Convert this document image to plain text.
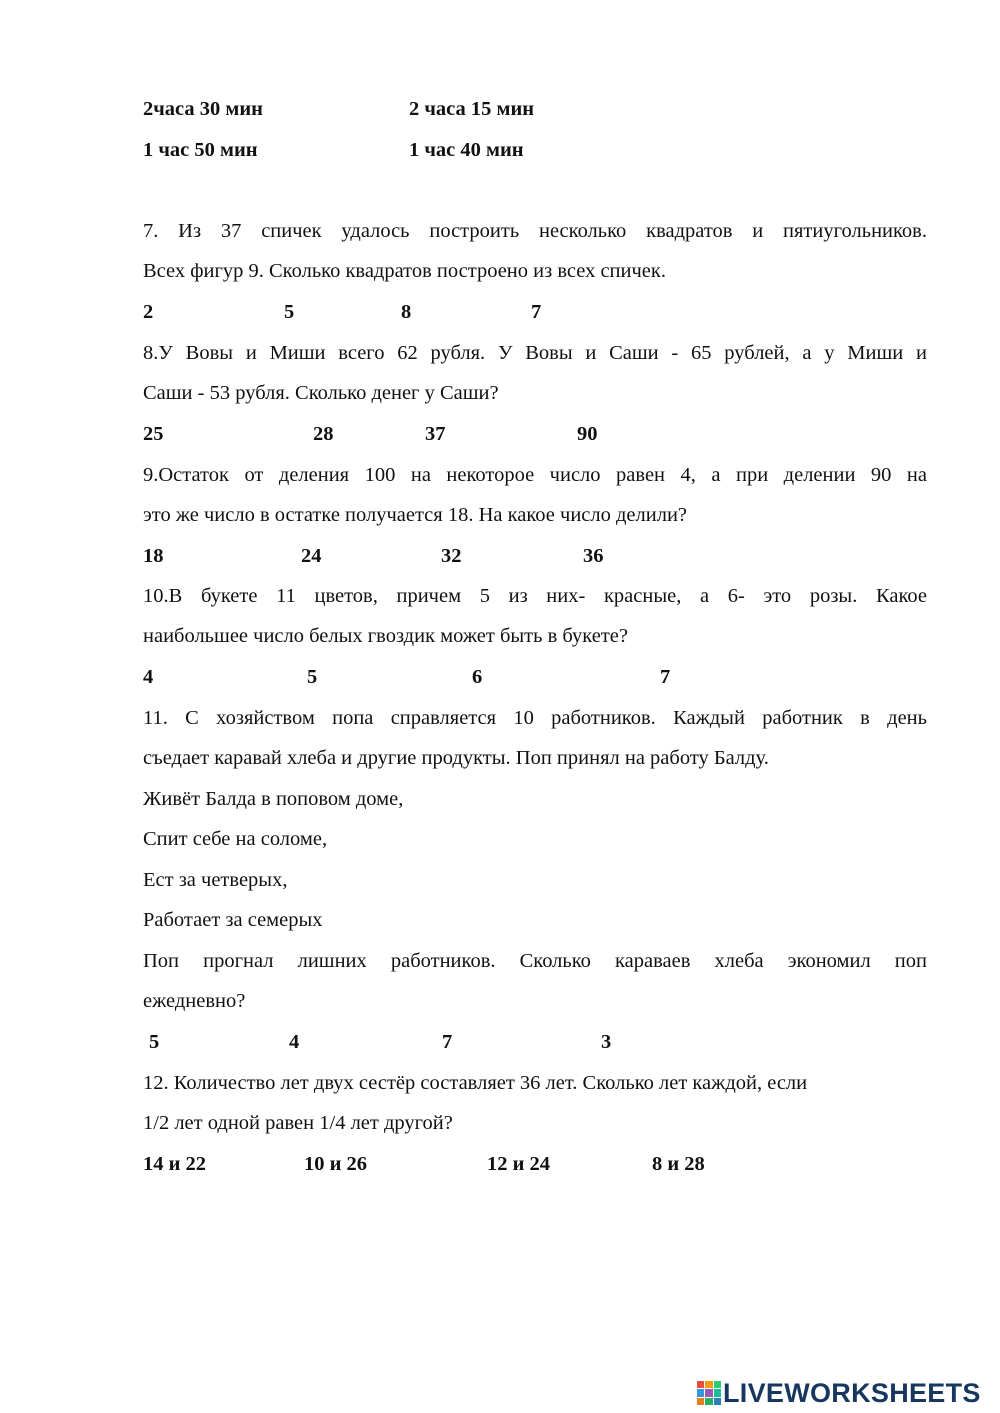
2часа 30 мин	2 часа 15 мин
1 час 50 мин	1 час 40 мин
7. Из 37 спичек удалось построить несколько квадратов и пятиугольников.
Всех фигур 9. Сколько квадратов построено из всех спичек.
2	5	8	7
8.У Вовы и Миши всего 62 рубля. У Вовы и Саши - 65 рублей, а у Миши и
Саши - 53 рубля. Сколько денег у Саши?
25	28	37	90
9.Остаток от деления 100 на некоторое число равен 4, а при делении 90 на
это же число в остатке получается 18. На какое число делили?
18	24	32	36
10.В букете 11 цветов, причем 5 из них- красные, а 6- это розы. Какое
наибольшее число белых гвоздик может быть в букете?
4	5	6	7
11. С хозяйством попа справляется 10 работников. Каждый работник в день
съедает каравай хлеба и другие продукты. Поп принял на работу Балду.
Живёт Балда в поповом доме,
Спит себе на соломе,
Ест за четверых,
Работает за семерых
Поп прогнал лишних работников. Сколько караваев хлеба экономил поп
ежедневно?
5	4	7	3
12. Количество лет двух сестёр составляет 36 лет. Сколько лет каждой, если
1/2 лет одной равен 1/4 лет другой?
14 и 22	10 и 26	12 и 24	8 и 28
LIVEWORKSHEETS
